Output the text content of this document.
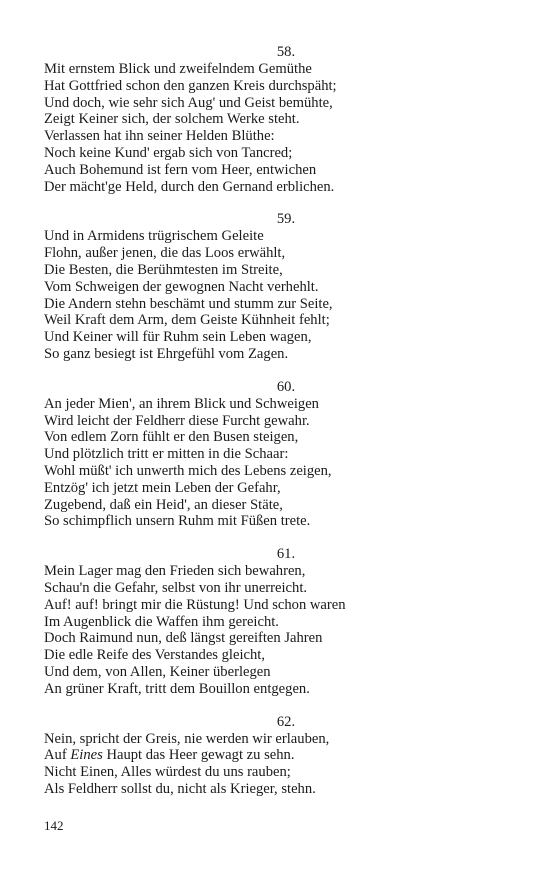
58.
Mit ernstem Blick und zweifelndem Gemüthe
Hat Gottfried schon den ganzen Kreis durchspäht;
Und doch, wie sehr sich Aug' und Geist bemühte,
Zeigt Keiner sich, der solchem Werke steht.
Verlassen hat ihn seiner Helden Blüthe:
Noch keine Kund' ergab sich von Tancred;
Auch Bohemund ist fern vom Heer, entwichen
Der mächt'ge Held, durch den Gernand erblichen.
59.
Und in Armidens trügrischem Geleite
Flohn, außer jenen, die das Loos erwählt,
Die Besten, die Berühmtesten im Streite,
Vom Schweigen der gewognen Nacht verhehlt.
Die Andern stehn beschämt und stumm zur Seite,
Weil Kraft dem Arm, dem Geiste Kühnheit fehlt;
Und Keiner will für Ruhm sein Leben wagen,
So ganz besiegt ist Ehrgefühl vom Zagen.
60.
An jeder Mien', an ihrem Blick und Schweigen
Wird leicht der Feldherr diese Furcht gewahr.
Von edlem Zorn fühlt er den Busen steigen,
Und plötzlich tritt er mitten in die Schaar:
Wohl müßt' ich unwerth mich des Lebens zeigen,
Entzög' ich jetzt mein Leben der Gefahr,
Zugebend, daß ein Heid', an dieser Stäte,
So schimpflich unsern Ruhm mit Füßen trete.
61.
Mein Lager mag den Frieden sich bewahren,
Schau'n die Gefahr, selbst von ihr unerreicht.
Auf! auf! bringt mir die Rüstung! Und schon waren
Im Augenblick die Waffen ihm gereicht.
Doch Raimund nun, deß längst gereiften Jahren
Die edle Reife des Verstandes gleicht,
Und dem, von Allen, Keiner überlegen
An grüner Kraft, tritt dem Bouillon entgegen.
62.
Nein, spricht der Greis, nie werden wir erlauben,
Auf Eines Haupt das Heer gewagt zu sehn.
Nicht Einen, Alles würdest du uns rauben;
Als Feldherr sollst du, nicht als Krieger, stehn.
142
